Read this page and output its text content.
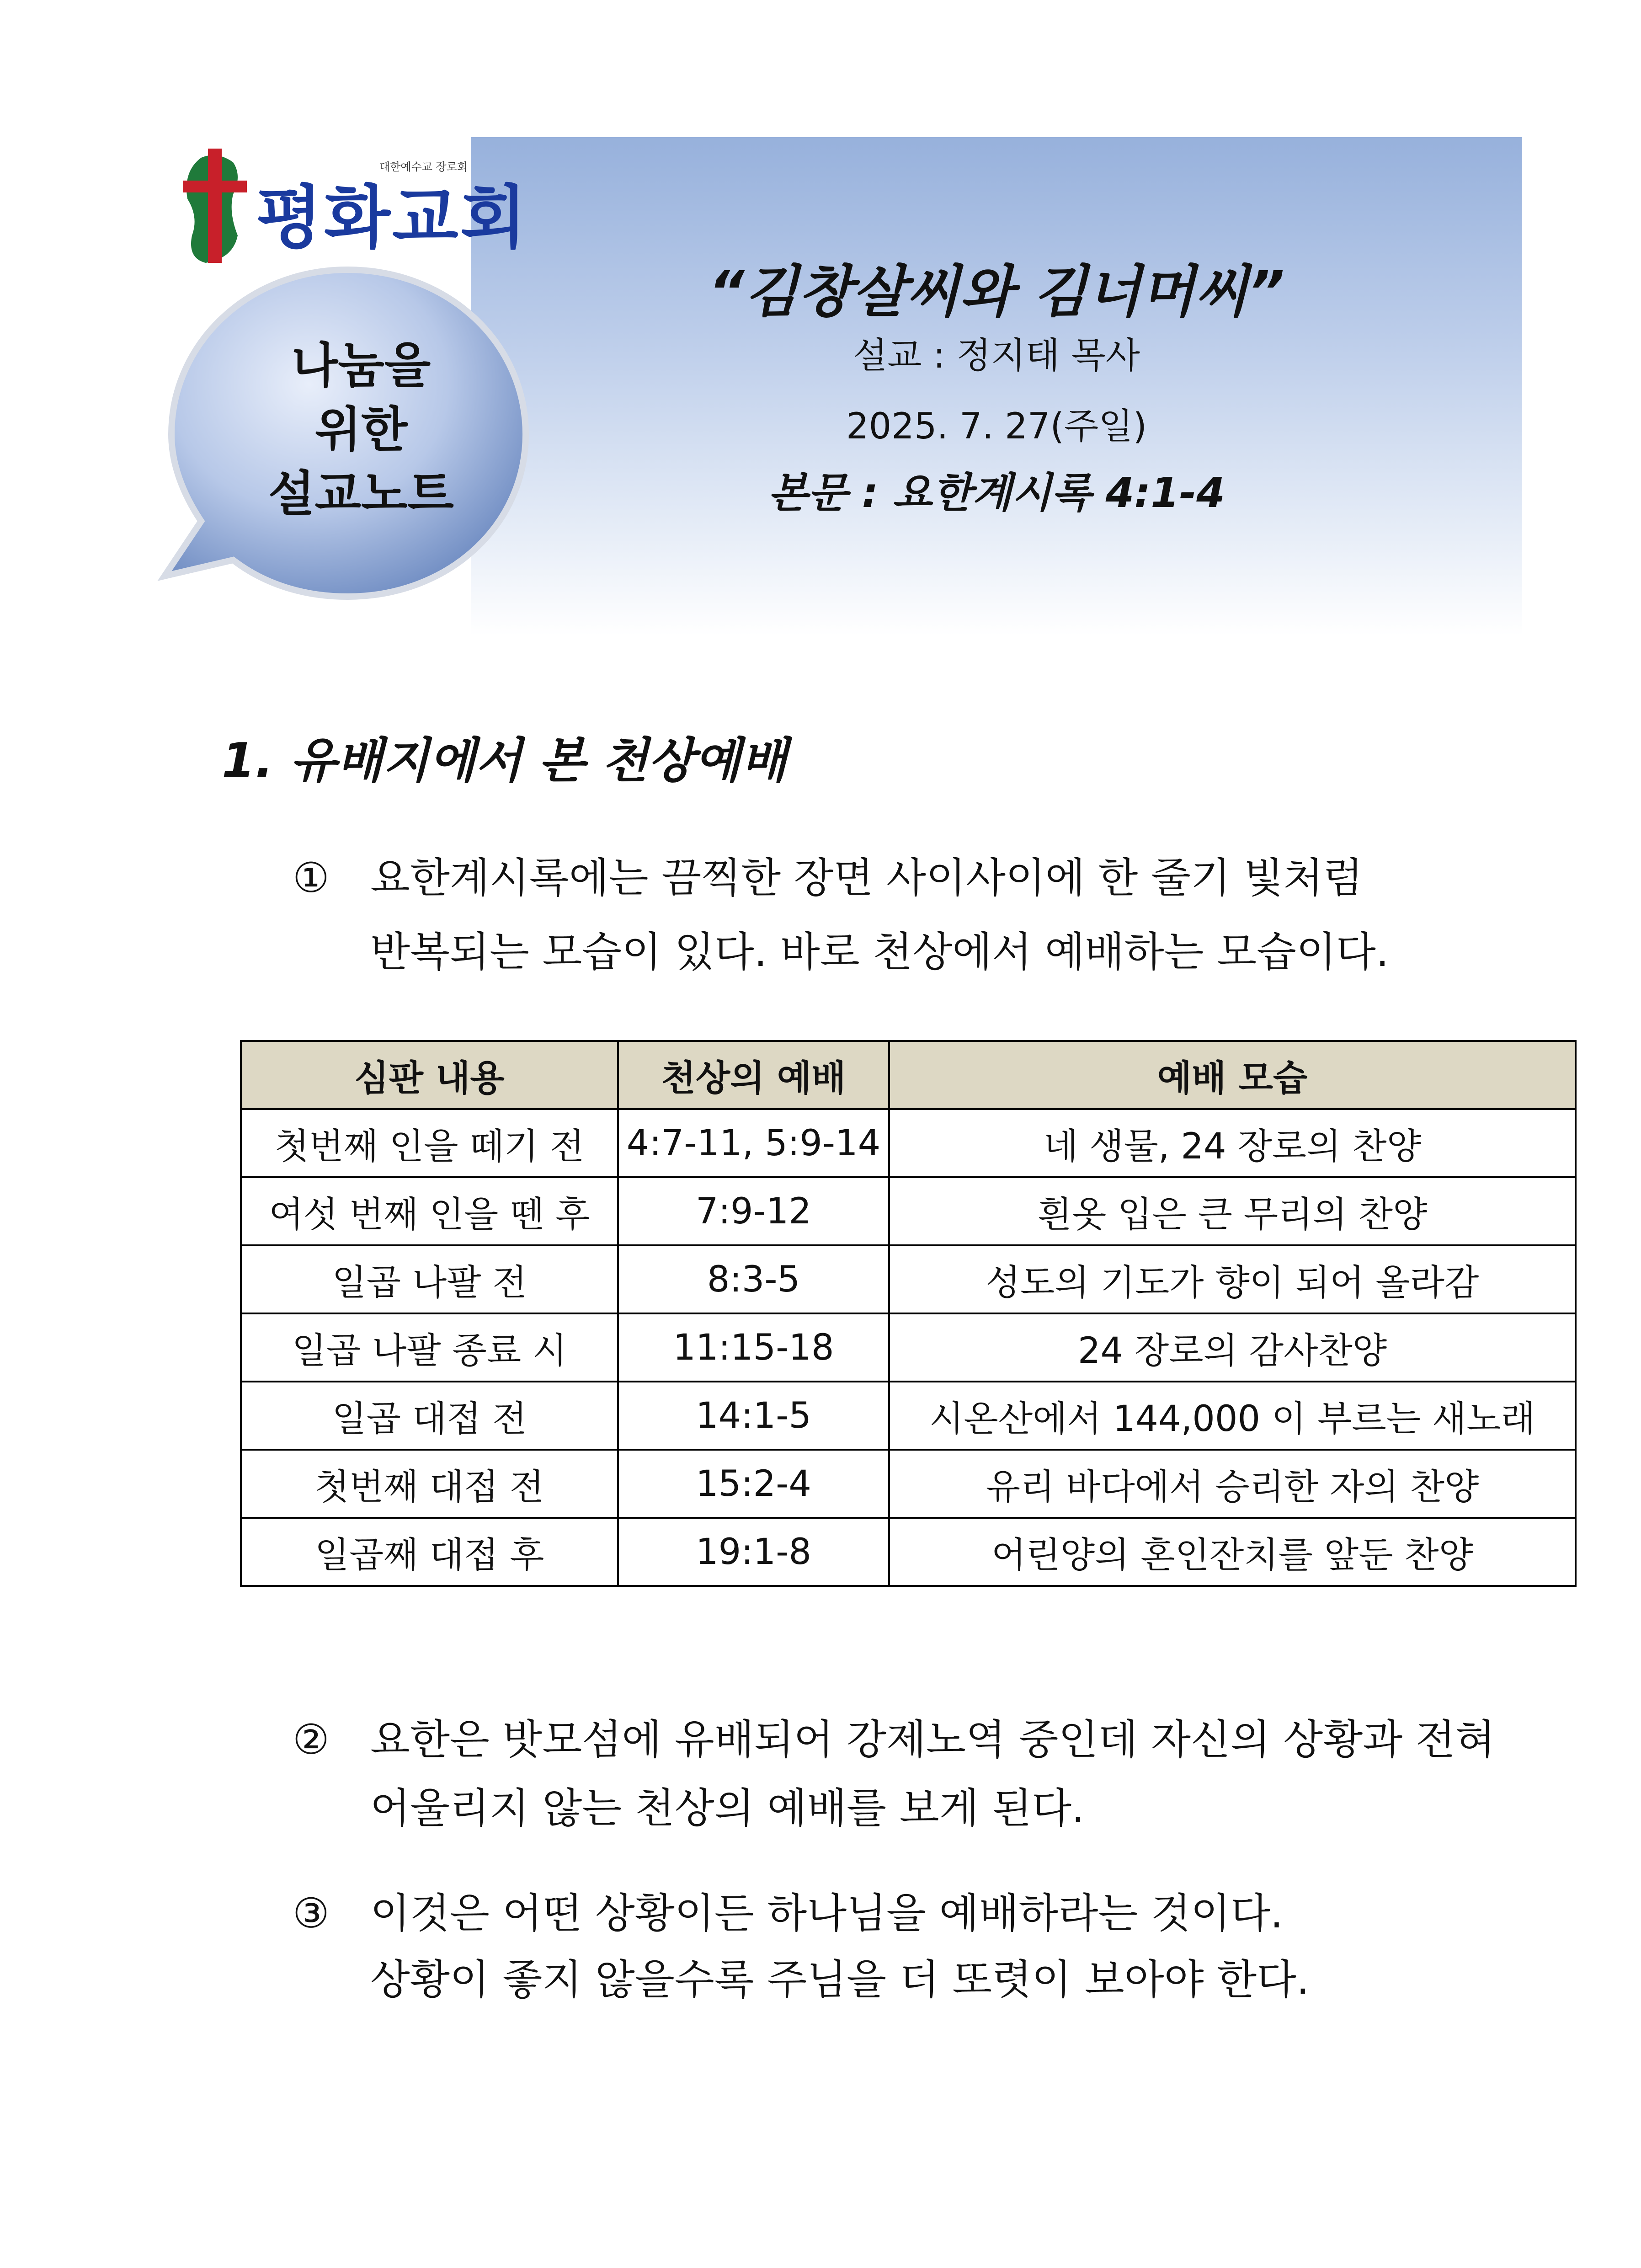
대한예수교 장로회
평화교회
나눔을
위한
설교노트
“김창살씨와 김너머씨”
설교 : 정지태 목사
2025. 7. 27(주일)
본문 : 요한계시록 4:1-4
1. 유배지에서 본 천상예배
① 요한계시록에는 끔찍한 장면 사이사이에 한 줄기 빛처럼
반복되는 모습이 있다. 바로 천상에서 예배하는 모습이다.
심판 내용	천상의 예배	예배 모습
첫번째 인을 떼기 전	4:7-11, 5:9-14	네 생물, 24 장로의 찬양
여섯 번째 인을 뗀 후	7:9-12	흰옷 입은 큰 무리의 찬양
일곱 나팔 전	8:3-5	성도의 기도가 향이 되어 올라감
일곱 나팔 종료 시	11:15-18	24 장로의 감사찬양
일곱 대접 전	14:1-5	시온산에서 144,000 이 부르는 새노래
첫번째 대접 전	15:2-4	유리 바다에서 승리한 자의 찬양
일곱째 대접 후	19:1-8	어린양의 혼인잔치를 앞둔 찬양
② 요한은 밧모섬에 유배되어 강제노역 중인데 자신의 상황과 전혀
어울리지 않는 천상의 예배를 보게 된다.
③ 이것은 어떤 상황이든 하나님을 예배하라는 것이다.
상황이 좋지 않을수록 주님을 더 또렷이 보아야 한다.
